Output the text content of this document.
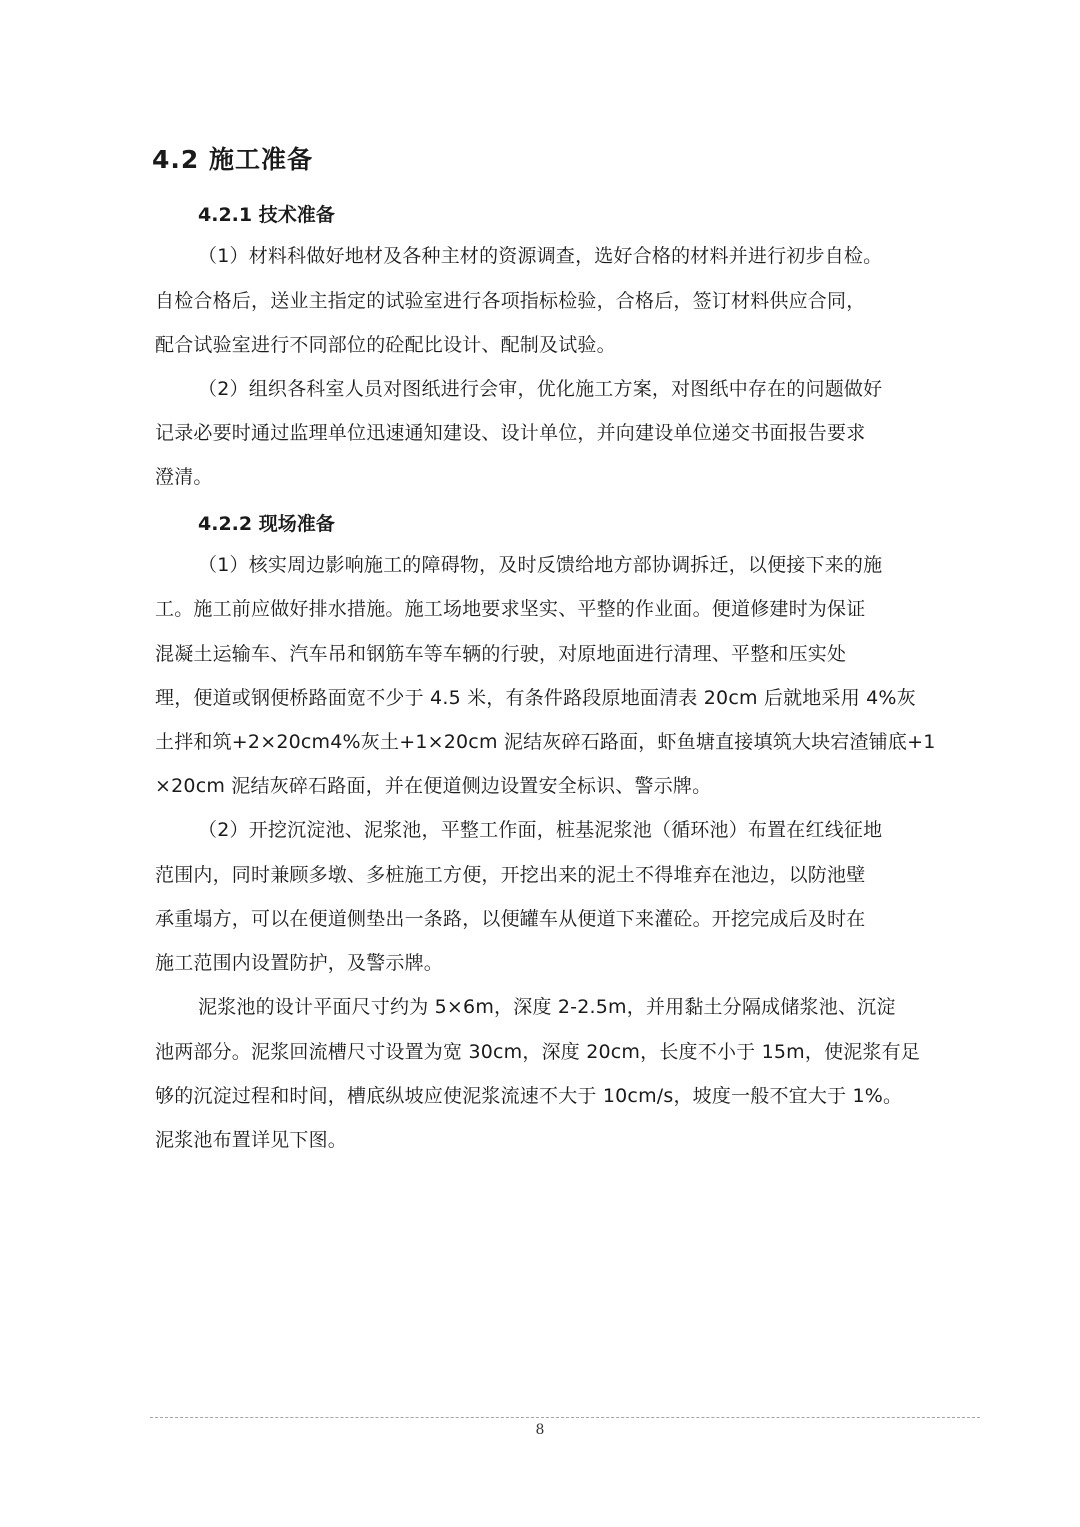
4.2 施工准备
4.2.1 技术准备
（1）材料科做好地材及各种主材的资源调查，选好合格的材料并进行初步自检。
自检合格后，送业主指定的试验室进行各项指标检验，合格后，签订材料供应合同，
配合试验室进行不同部位的砼配比设计、配制及试验。
（2）组织各科室人员对图纸进行会审，优化施工方案，对图纸中存在的问题做好
记录必要时通过监理单位迅速通知建设、设计单位，并向建设单位递交书面报告要求
澄清。
4.2.2 现场准备
（1）核实周边影响施工的障碍物，及时反馈给地方部协调拆迁，以便接下来的施
工。施工前应做好排水措施。施工场地要求坚实、平整的作业面。便道修建时为保证
混凝土运输车、汽车吊和钢筋车等车辆的行驶，对原地面进行清理、平整和压实处
理，便道或钢便桥路面宽不少于 4.5 米，有条件路段原地面清表 20cm 后就地采用 4%灰
土拌和筑+2×20cm4%灰土+1×20cm 泥结灰碎石路面，虾鱼塘直接填筑大块宕渣铺底+1
×20cm 泥结灰碎石路面，并在便道侧边设置安全标识、警示牌。
（2）开挖沉淀池、泥浆池，平整工作面，桩基泥浆池（循环池）布置在红线征地
范围内，同时兼顾多墩、多桩施工方便，开挖出来的泥土不得堆弃在池边，以防池壁
承重塌方，可以在便道侧垫出一条路，以便罐车从便道下来灌砼。开挖完成后及时在
施工范围内设置防护，及警示牌。
泥浆池的设计平面尺寸约为 5×6m，深度 2-2.5m，并用黏土分隔成储浆池、沉淀
池两部分。泥浆回流槽尺寸设置为宽 30cm，深度 20cm，长度不小于 15m，使泥浆有足
够的沉淀过程和时间，槽底纵坡应使泥浆流速不大于 10cm/s，坡度一般不宜大于 1%。
泥浆池布置详见下图。
8
